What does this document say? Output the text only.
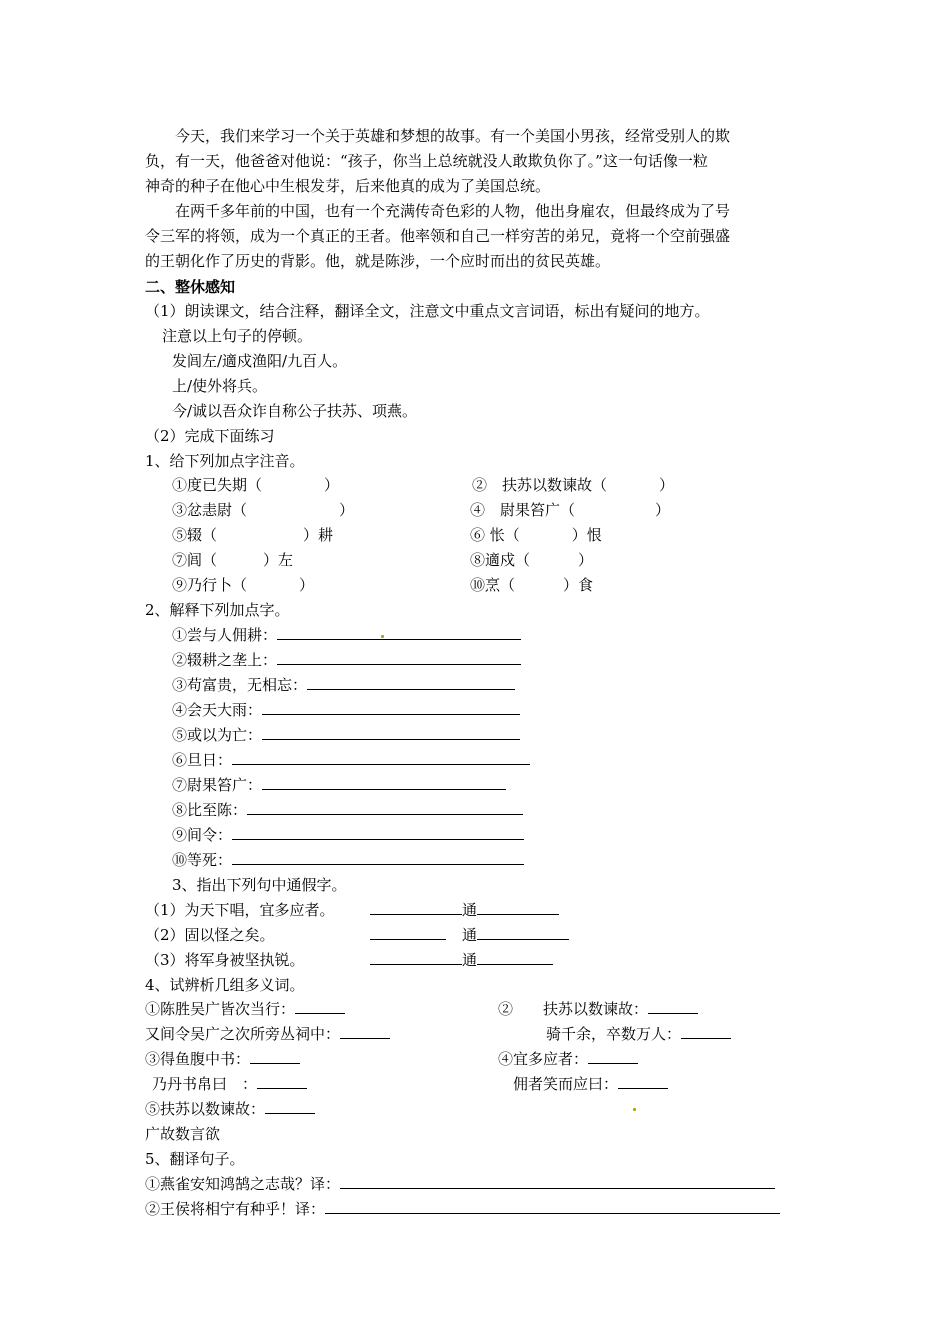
今天，我们来学习一个关于英雄和梦想的故事。有一个美国小男孩，经常受别人的欺
负，有一天，他爸爸对他说：“孩子，你当上总统就没人敢欺负你了。”这一句话像一粒
神奇的种子在他心中生根发芽，后来他真的成为了美国总统。
在两千多年前的中国，也有一个充满传奇色彩的人物，他出身雇农，但最终成为了号
令三军的将领，成为一个真正的王者。他率领和自己一样穷苦的弟兄，竟将一个空前强盛
的王朝化作了历史的背影。他，就是陈涉，一个应时而出的贫民英雄。
二、整休感知
（1）朗读课文，结合注释，翻译全文，注意文中重点文言词语，标出有疑问的地方。
注意以上句子的停顿。
发闾左/適戍渔阳/九百人。
上/使外将兵。
今/诚以吾众诈自称公子扶苏、项燕。
（2）完成下面练习
1、给下列加点字注音。
①度已失期（	）	②　扶苏以数谏故（	）
③忿恚尉（	）	④　尉果笞广（	）
⑤辍（	）耕	⑥ 怅（	）恨
⑦闾（	）左	⑧適戍（	）
⑨乃行卜（	）	⑩烹（	）食
2、解释下列加点字。
①尝与人佣耕：
②辍耕之垄上：
③苟富贵，无相忘：
④会天大雨：
⑤或以为亡：
⑥旦日：
⑦尉果笞广：
⑧比至陈：
⑨间令：
⑩等死：
3、指出下列句中通假字。
（1）为天下唱，宜多应者。	通
（2）固以怪之矣。	通
（3）将军身被坚执锐。	通
4、试辨析几组多义词。
①陈胜吴广皆次当行：	②　　扶苏以数谏故：
又间令吴广之次所旁丛祠中：	骑千余，卒数万人：
③得鱼腹中书：	④宜多应者：
乃丹书帛曰　：	佣者笑而应曰：
⑤扶苏以数谏故：
广故数言欲
5、翻译句子。
①燕雀安知鸿鹄之志哉？译：
②王侯将相宁有种乎！译：
